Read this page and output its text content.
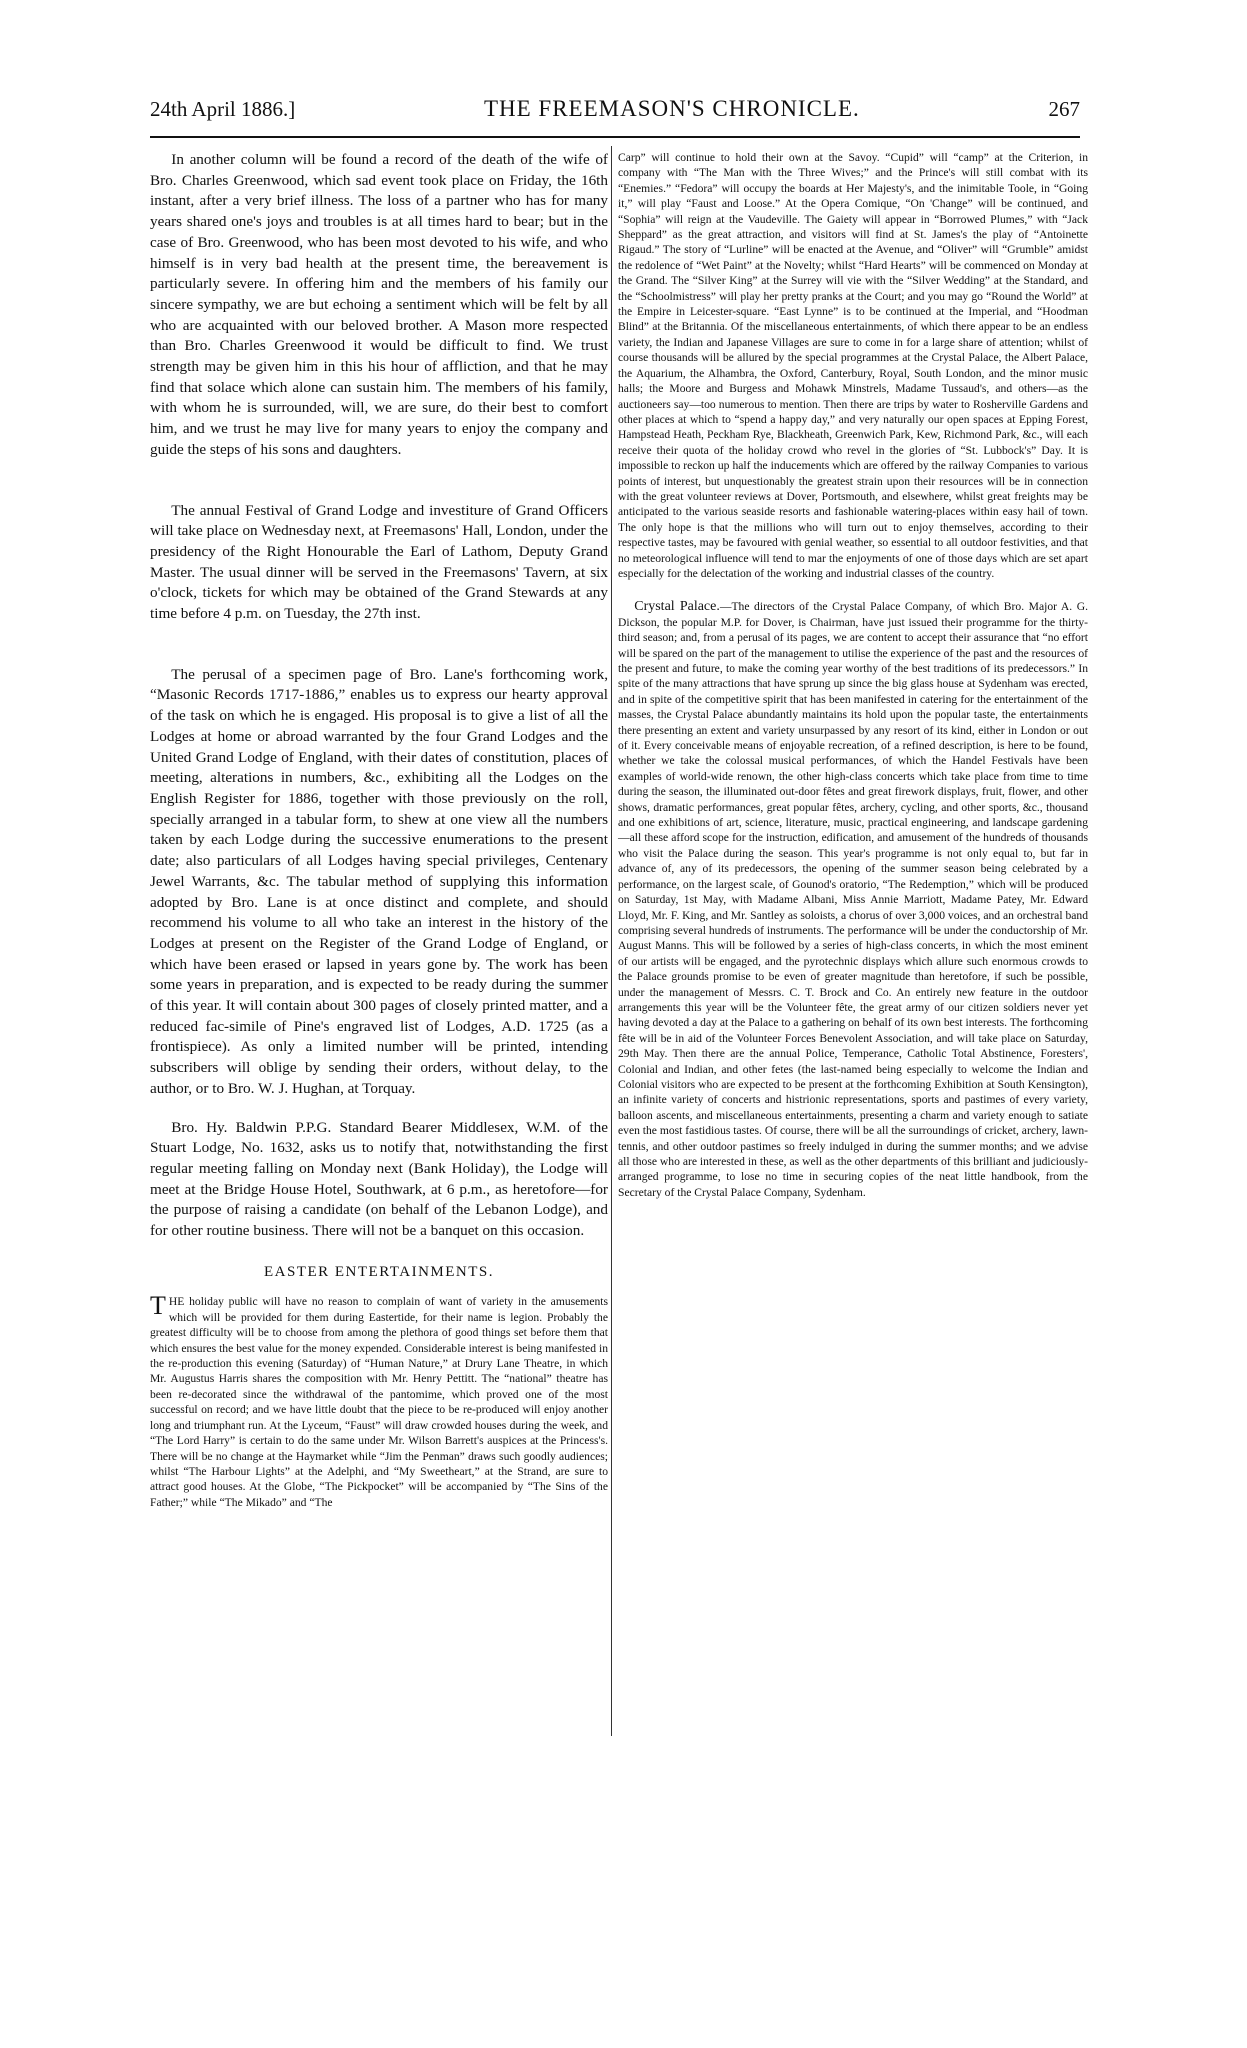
24th April 1886.]	THE FREEMASON'S CHRONICLE.	267

In another column will be found a record of the death of the wife of Bro. Charles Greenwood, which sad event took place on Friday, the 16th instant, after a very brief illness. The loss of a partner who has for many years shared one's joys and troubles is at all times hard to bear; but in the case of Bro. Greenwood, who has been most devoted to his wife, and who himself is in very bad health at the present time, the bereavement is particularly severe. In offering him and the members of his family our sincere sympathy, we are but echoing a sentiment which will be felt by all who are acquainted with our beloved brother. A Mason more respected than Bro. Charles Greenwood it would be difficult to find. We trust strength may be given him in this his hour of affliction, and that he may find that solace which alone can sustain him. The members of his family, with whom he is surrounded, will, we are sure, do their best to comfort him, and we trust he may live for many years to enjoy the company and guide the steps of his sons and daughters.

The annual Festival of Grand Lodge and investiture of Grand Officers will take place on Wednesday next, at Freemasons' Hall, London, under the presidency of the Right Honourable the Earl of Lathom, Deputy Grand Master. The usual dinner will be served in the Freemasons' Tavern, at six o'clock, tickets for which may be obtained of the Grand Stewards at any time before 4 p.m. on Tuesday, the 27th inst.

The perusal of a specimen page of Bro. Lane's forthcoming work, “Masonic Records 1717-1886,” enables us to express our hearty approval of the task on which he is engaged. His proposal is to give a list of all the Lodges at home or abroad warranted by the four Grand Lodges and the United Grand Lodge of England, with their dates of constitution, places of meeting, alterations in numbers, &c., exhibiting all the Lodges on the English Register for 1886, together with those previously on the roll, specially arranged in a tabular form, to shew at one view all the numbers taken by each Lodge during the successive enumerations to the present date; also particulars of all Lodges having special privileges, Centenary Jewel Warrants, &c. The tabular method of supplying this information adopted by Bro. Lane is at once distinct and complete, and should recommend his volume to all who take an interest in the history of the Lodges at present on the Register of the Grand Lodge of England, or which have been erased or lapsed in years gone by. The work has been some years in preparation, and is expected to be ready during the summer of this year. It will contain about 300 pages of closely printed matter, and a reduced fac-simile of Pine's engraved list of Lodges, A.D. 1725 (as a frontispiece). As only a limited number will be printed, intending subscribers will oblige by sending their orders, without delay, to the author, or to Bro. W. J. Hughan, at Torquay.

Bro. Hy. Baldwin P.P.G. Standard Bearer Middlesex, W.M. of the Stuart Lodge, No. 1632, asks us to notify that, notwithstanding the first regular meeting falling on Monday next (Bank Holiday), the Lodge will meet at the Bridge House Hotel, Southwark, at 6 p.m., as heretofore—for the purpose of raising a candidate (on behalf of the Lebanon Lodge), and for other routine business. There will not be a banquet on this occasion.

EASTER ENTERTAINMENTS.

THE holiday public will have no reason to complain of want of variety in the amusements which will be provided for them during Eastertide, for their name is legion. Probably the greatest difficulty will be to choose from among the plethora of good things set before them that which ensures the best value for the money expended. Considerable interest is being manifested in the re-production this evening (Saturday) of “Human Nature,” at Drury Lane Theatre, in which Mr. Augustus Harris shares the composition with Mr. Henry Pettitt. The “national” theatre has been re-decorated since the withdrawal of the pantomime, which proved one of the most successful on record; and we have little doubt that the piece to be re-produced will enjoy another long and triumphant run. At the Lyceum, “Faust” will draw crowded houses during the week, and “The Lord Harry” is certain to do the same under Mr. Wilson Barrett's auspices at the Princess's. There will be no change at the Haymarket while “Jim the Penman” draws such goodly audiences; whilst “The Harbour Lights” at the Adelphi, and “My Sweetheart,” at the Strand, are sure to attract good houses. At the Globe, “The Pickpocket” will be accompanied by “The Sins of the Father;” while “The Mikado” and “The

Carp” will continue to hold their own at the Savoy. “Cupid” will “camp” at the Criterion, in company with “The Man with the Three Wives;” and the Prince's will still combat with its “Enemies.” “Fedora” will occupy the boards at Her Majesty's, and the inimitable Toole, in “Going it,” will play “Faust and Loose.” At the Opera Comique, “On 'Change” will be continued, and “Sophia” will reign at the Vaudeville. The Gaiety will appear in “Borrowed Plumes,” with “Jack Sheppard” as the great attraction, and visitors will find at St. James's the play of “Antoinette Rigaud.” The story of “Lurline” will be enacted at the Avenue, and “Oliver” will “Grumble” amidst the redolence of “Wet Paint” at the Novelty; whilst “Hard Hearts” will be commenced on Monday at the Grand. The “Silver King” at the Surrey will vie with the “Silver Wedding” at the Standard, and the “Schoolmistress” will play her pretty pranks at the Court; and you may go “Round the World” at the Empire in Leicester-square. “East Lynne” is to be continued at the Imperial, and “Hoodman Blind” at the Britannia. Of the miscellaneous entertainments, of which there appear to be an endless variety, the Indian and Japanese Villages are sure to come in for a large share of attention; whilst of course thousands will be allured by the special programmes at the Crystal Palace, the Albert Palace, the Aquarium, the Alhambra, the Oxford, Canterbury, Royal, South London, and the minor music halls; the Moore and Burgess and Mohawk Minstrels, Madame Tussaud's, and others—as the auctioneers say—too numerous to mention. Then there are trips by water to Rosherville Gardens and other places at which to “spend a happy day,” and very naturally our open spaces at Epping Forest, Hampstead Heath, Peckham Rye, Blackheath, Greenwich Park, Kew, Richmond Park, &c., will each receive their quota of the holiday crowd who revel in the glories of “St. Lubbock's” Day. It is impossible to reckon up half the inducements which are offered by the railway Companies to various points of interest, but unquestionably the greatest strain upon their resources will be in connection with the great volunteer reviews at Dover, Portsmouth, and elsewhere, whilst great freights may be anticipated to the various seaside resorts and fashionable watering-places within easy hail of town. The only hope is that the millions who will turn out to enjoy themselves, according to their respective tastes, may be favoured with genial weather, so essential to all outdoor festivities, and that no meteorological influence will tend to mar the enjoyments of one of those days which are set apart especially for the delectation of the working and industrial classes of the country.

Crystal Palace.—The directors of the Crystal Palace Company, of which Bro. Major A. G. Dickson, the popular M.P. for Dover, is Chairman, have just issued their programme for the thirty-third season; and, from a perusal of its pages, we are content to accept their assurance that “no effort will be spared on the part of the management to utilise the experience of the past and the resources of the present and future, to make the coming year worthy of the best traditions of its predecessors.” In spite of the many attractions that have sprung up since the big glass house at Sydenham was erected, and in spite of the competitive spirit that has been manifested in catering for the entertainment of the masses, the Crystal Palace abundantly maintains its hold upon the popular taste, the entertainments there presenting an extent and variety unsurpassed by any resort of its kind, either in London or out of it. Every conceivable means of enjoyable recreation, of a refined description, is here to be found, whether we take the colossal musical performances, of which the Handel Festivals have been examples of world-wide renown, the other high-class concerts which take place from time to time during the season, the illuminated out-door fêtes and great firework displays, fruit, flower, and other shows, dramatic performances, great popular fêtes, archery, cycling, and other sports, &c., thousand and one exhibitions of art, science, literature, music, practical engineering, and landscape gardening—all these afford scope for the instruction, edification, and amusement of the hundreds of thousands who visit the Palace during the season. This year's programme is not only equal to, but far in advance of, any of its predecessors, the opening of the summer season being celebrated by a performance, on the largest scale, of Gounod's oratorio, “The Redemption,” which will be produced on Saturday, 1st May, with Madame Albani, Miss Annie Marriott, Madame Patey, Mr. Edward Lloyd, Mr. F. King, and Mr. Santley as soloists, a chorus of over 3,000 voices, and an orchestral band comprising several hundreds of instruments. The performance will be under the conductorship of Mr. August Manns. This will be followed by a series of high-class concerts, in which the most eminent of our artists will be engaged, and the pyrotechnic displays which allure such enormous crowds to the Palace grounds promise to be even of greater magnitude than heretofore, if such be possible, under the management of Messrs. C. T. Brock and Co. An entirely new feature in the outdoor arrangements this year will be the Volunteer fête, the great army of our citizen soldiers never yet having devoted a day at the Palace to a gathering on behalf of its own best interests. The forthcoming fête will be in aid of the Volunteer Forces Benevolent Association, and will take place on Saturday, 29th May. Then there are the annual Police, Temperance, Catholic Total Abstinence, Foresters', Colonial and Indian, and other fetes (the last-named being especially to welcome the Indian and Colonial visitors who are expected to be present at the forthcoming Exhibition at South Kensington), an infinite variety of concerts and histrionic representations, sports and pastimes of every variety, balloon ascents, and miscellaneous entertainments, presenting a charm and variety enough to satiate even the most fastidious tastes. Of course, there will be all the surroundings of cricket, archery, lawn-tennis, and other outdoor pastimes so freely indulged in during the summer months; and we advise all those who are interested in these, as well as the other departments of this brilliant and judiciously-arranged programme, to lose no time in securing copies of the neat little handbook, from the Secretary of the Crystal Palace Company, Sydenham.
